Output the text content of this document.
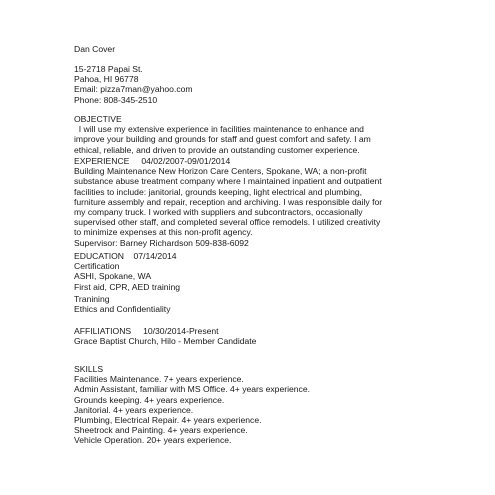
Dan Cover
15-2718 Papai St.
Pahoa, HI 96778
Email: pizza7man@yahoo.com
Phone: 808-345-2510
OBJECTIVE
I will use my extensive experience in facilities maintenance to enhance and
improve your building and grounds for staff and guest comfort and safety. I am
ethical, reliable, and driven to provide an outstanding customer experience.
EXPERIENCE     04/02/2007-09/01/2014
Building Maintenance New Horizon Care Centers, Spokane, WA; a non-profit
substance abuse treatment company where I maintained inpatient and outpatient
facilities to include: janitorial, grounds keeping, light electrical and plumbing,
furniture assembly and repair, reception and archiving. I was responsible daily for
my company truck. I worked with suppliers and subcontractors, occasionally
supervised other staff, and completed several office remodels. I utilized creativity
to minimize expenses at this non-profit agency.
Supervisor: Barney Richardson 509-838-6092
EDUCATION    07/14/2014
Certification
ASHI, Spokane, WA
First aid, CPR, AED training
Tranining
Ethics and Confidentiality
AFFILIATIONS     10/30/2014-Present
Grace Baptist Church, Hilo - Member Candidate
SKILLS
Facilities Maintenance. 7+ years experience.
Admin Assistant, familiar with MS Office. 4+ years experience.
Grounds keeping. 4+ years experience.
Janitorial. 4+ years experience.
Plumbing, Electrical Repair. 4+ years experience.
Sheetrock and Painting. 4+ years experience.
Vehicle Operation. 20+ years experience.
